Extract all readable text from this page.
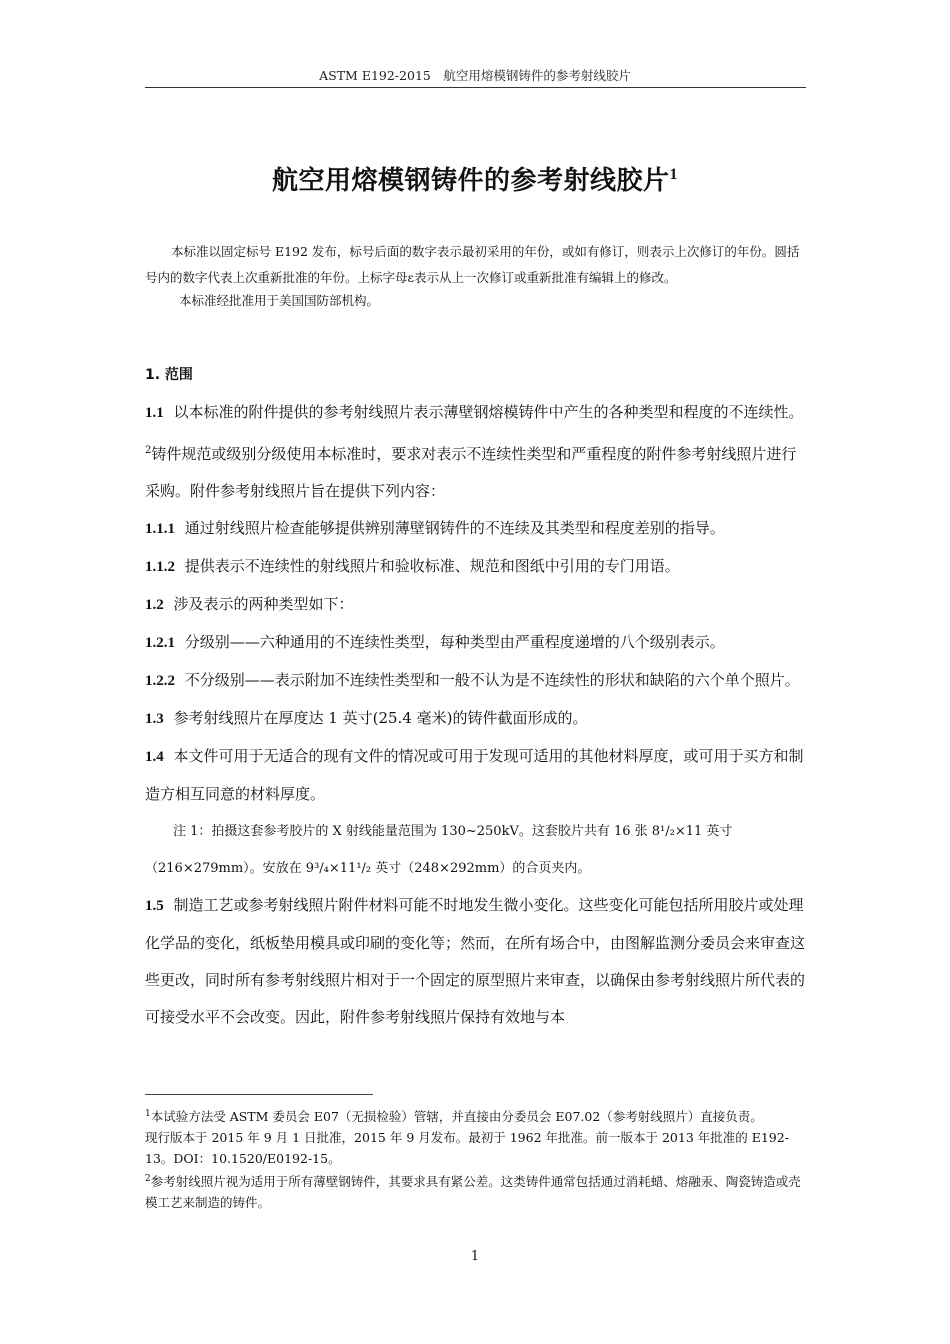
ASTM E192-2015　航空用熔模钢铸件的参考射线胶片
航空用熔模钢铸件的参考射线胶片$^1$
本标准以固定标号 E192 发布，标号后面的数字表示最初采用的年份，或如有修订，则表示上次修订的年份。圆括号内的数字代表上次重新批准的年份。上标字母ε表示从上一次修订或重新批准有编辑上的修改。
本标准经批准用于美国国防部机构。

1. 范围

1.1 以本标准的附件提供的参考射线照片表示薄壁钢熔模铸件中产生的各种类型和程度的不连续性。$^2$铸件规范或级别分级使用本标准时，要求对表示不连续性类型和严重程度的附件参考射线照片进行采购。附件参考射线照片旨在提供下列内容：

1.1.1 通过射线照片检查能够提供辨别薄壁钢铸件的不连续及其类型和程度差别的指导。

1.1.2 提供表示不连续性的射线照片和验收标准、规范和图纸中引用的专门用语。

1.2 涉及表示的两种类型如下：

1.2.1 分级别——六种通用的不连续性类型，每种类型由严重程度递增的八个级别表示。

1.2.2 不分级别——表示附加不连续性类型和一般不认为是不连续性的形状和缺陷的六个单个照片。

1.3 参考射线照片在厚度达 1 英寸(25.4 毫米)的铸件截面形成的。

1.4 本文件可用于无适合的现有文件的情况或可用于发现可适用的其他材料厚度，或可用于买方和制造方相互同意的材料厚度。

注 1：拍摄这套参考胶片的 X 射线能量范围为 130~250kV。这套胶片共有 16 张 8¹/₂×11 英寸（216×279mm）。安放在 9³/₄×11¹/₂ 英寸（248×292mm）的合页夹内。

1.5 制造工艺或参考射线照片附件材料可能不时地发生微小变化。这些变化可能包括所用胶片或处理化学品的变化，纸板垫用模具或印刷的变化等；然而，在所有场合中，由图解监测分委员会来审查这些更改，同时所有参考射线照片相对于一个固定的原型照片来审查，以确保由参考射线照片所代表的可接受水平不会改变。因此，附件参考射线照片保持有效地与本

$^1$本试验方法受 ASTM 委员会 E07（无损检验）管辖，并直接由分委员会 E07.02（参考射线照片）直接负责。

现行版本于 2015 年 9 月 1 日批准，2015 年 9 月发布。最初于 1962 年批准。前一版本于 2013 年批准的 E192-13。DOI：10.1520/E0192-15。

$^2$参考射线照片视为适用于所有薄壁钢铸件，其要求具有紧公差。这类铸件通常包括通过消耗蜡、熔融汞、陶瓷铸造或壳模工艺来制造的铸件。

1
